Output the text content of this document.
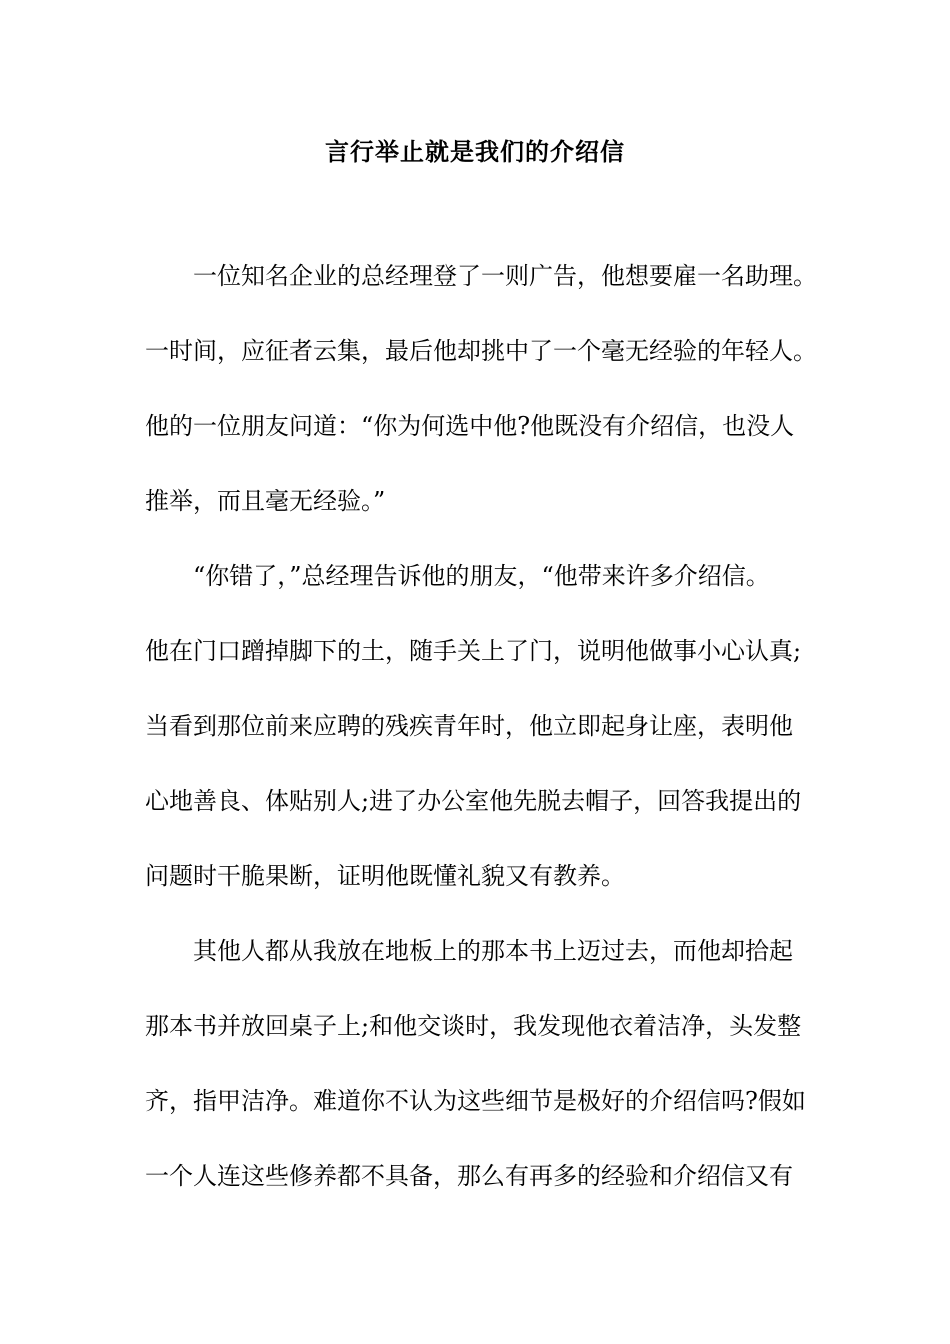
言行举止就是我们的介绍信
一位知名企业的总经理登了一则广告，他想要雇一名助理。
一时间，应征者云集，最后他却挑中了一个毫无经验的年轻人。
他的一位朋友问道：“你为何选中他?他既没有介绍信，也没人
推举，而且毫无经验。”
“你错了，”总经理告诉他的朋友，“他带来许多介绍信。
他在门口蹭掉脚下的土，随手关上了门，说明他做事小心认真;
当看到那位前来应聘的残疾青年时，他立即起身让座，表明他
心地善良、体贴别人;进了办公室他先脱去帽子，回答我提出的
问题时干脆果断，证明他既懂礼貌又有教养。
其他人都从我放在地板上的那本书上迈过去，而他却拾起
那本书并放回桌子上;和他交谈时，我发现他衣着洁净，头发整
齐，指甲洁净。难道你不认为这些细节是极好的介绍信吗?假如
一个人连这些修养都不具备，那么有再多的经验和介绍信又有
